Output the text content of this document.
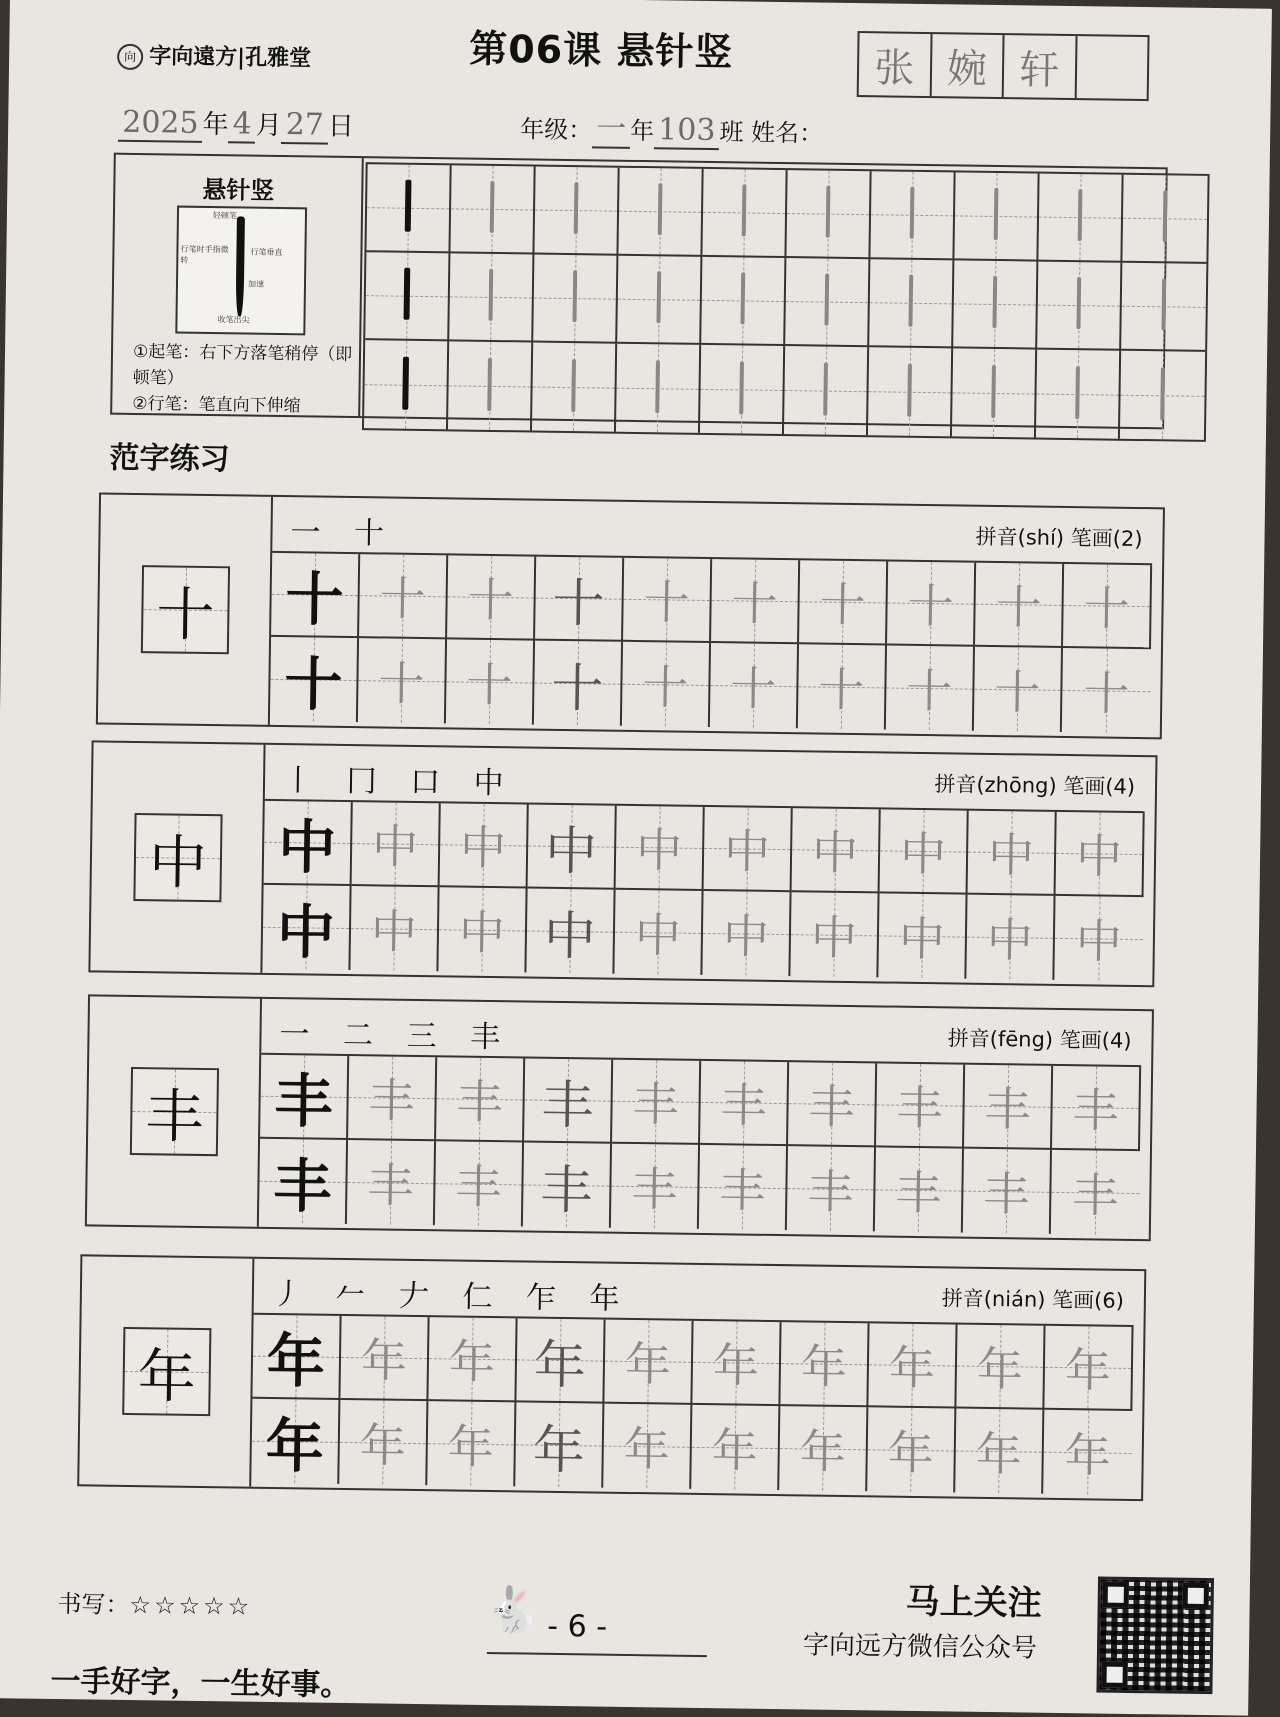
向 字向遠方|孔雅堂	第06课 悬针竖	张 婉 轩
2025 年 4 月 27 日	年级： 一 年 103 班 姓名：
悬针竖
轻顿笔
行笔时手指微转
行笔垂直
加速
收笔出尖
①起笔：右下方落笔稍停（即顿笔）
②行笔：笔直向下伸缩
范字练习
十
一 十	拼音(shí) 笔画(2)
十 十 十 十 十 十 十 十 十 十
十 十 十 十 十 十 十 十 十 十
中
丨 冂 口 中	拼音(zhōng) 笔画(4)
中 中 中 中 中 中 中 中 中 中
中 中 中 中 中 中 中 中 中 中
丰
一 二 三 丰	拼音(fēng) 笔画(4)
丰 丰 丰 丰 丰 丰 丰 丰 丰 丰
丰 丰 丰 丰 丰 丰 丰 丰 丰 丰
年
丿 𠂉 𠂇 仁 乍 年	拼音(nián) 笔画(6)
年 年 年 年 年 年 年 年 年 年
年 年 年 年 年 年 年 年 年 年
书写：☆☆☆☆☆	🐇 - 6 -
马上关注
字向远方微信公众号
一手好字，一生好事。
